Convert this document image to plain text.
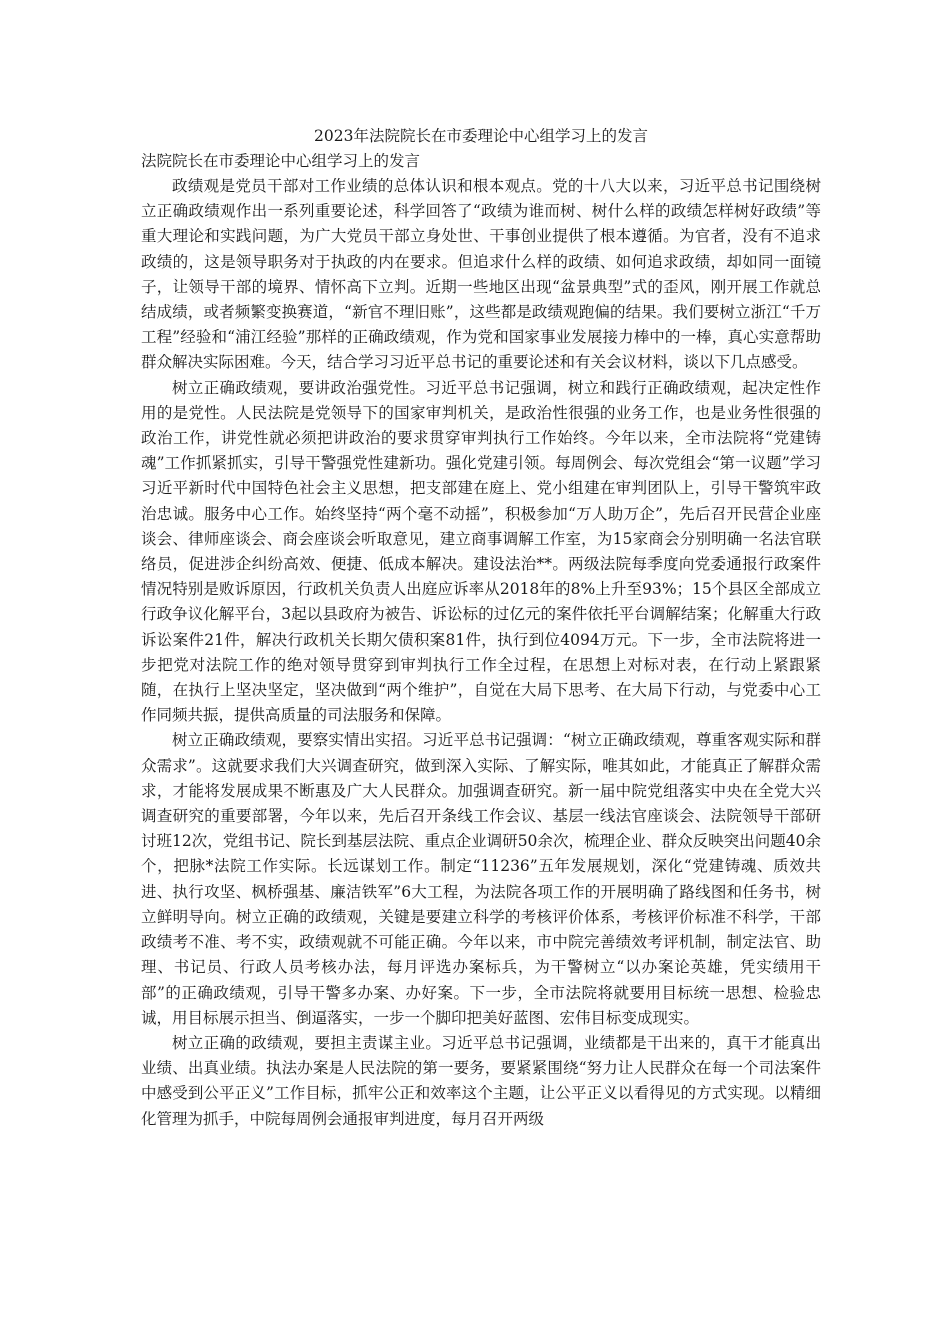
2023年法院院长在市委理论中心组学习上的发言
法院院长在市委理论中心组学习上的发言

政绩观是党员干部对工作业绩的总体认识和根本观点。党的十八大以来，习近平总书记围绕树立正确政绩观作出一系列重要论述，科学回答了“政绩为谁而树、树什么样的政绩怎样树好政绩”等重大理论和实践问题，为广大党员干部立身处世、干事创业提供了根本遵循。为官者，没有不追求政绩的，这是领导职务对于执政的内在要求。但追求什么样的政绩、如何追求政绩，却如同一面镜子，让领导干部的境界、情怀高下立判。近期一些地区出现“盆景典型”式的歪风，刚开展工作就总结成绩，或者频繁变换赛道，“新官不理旧账”，这些都是政绩观跑偏的结果。我们要树立浙江“千万工程”经验和“浦江经验”那样的正确政绩观，作为党和国家事业发展接力棒中的一棒，真心实意帮助群众解决实际困难。今天，结合学习习近平总书记的重要论述和有关会议材料，谈以下几点感受。

树立正确政绩观，要讲政治强党性。习近平总书记强调，树立和践行正确政绩观，起决定性作用的是党性。人民法院是党领导下的国家审判机关，是政治性很强的业务工作，也是业务性很强的政治工作，讲党性就必须把讲政治的要求贯穿审判执行工作始终。今年以来，全市法院将“党建铸魂”工作抓紧抓实，引导干警强党性建新功。强化党建引领。每周例会、每次党组会“第一议题”学习习近平新时代中国特色社会主义思想，把支部建在庭上、党小组建在审判团队上，引导干警筑牢政治忠诚。服务中心工作。始终坚持“两个毫不动摇”，积极参加“万人助万企”，先后召开民营企业座谈会、律师座谈会、商会座谈会听取意见，建立商事调解工作室，为15家商会分别明确一名法官联络员，促进涉企纠纷高效、便捷、低成本解决。建设法治**。两级法院每季度向党委通报行政案件情况特别是败诉原因，行政机关负责人出庭应诉率从2018年的8%上升至93%；15个县区全部成立行政争议化解平台，3起以县政府为被告、诉讼标的过亿元的案件依托平台调解结案；化解重大行政诉讼案件21件，解决行政机关长期欠债积案81件，执行到位4094万元。下一步，全市法院将进一步把党对法院工作的绝对领导贯穿到审判执行工作全过程，在思想上对标对表，在行动上紧跟紧随，在执行上坚决坚定，坚决做到“两个维护”，自觉在大局下思考、在大局下行动，与党委中心工作同频共振，提供高质量的司法服务和保障。

树立正确政绩观，要察实情出实招。习近平总书记强调：“树立正确政绩观，尊重客观实际和群众需求”。这就要求我们大兴调查研究，做到深入实际、了解实际，唯其如此，才能真正了解群众需求，才能将发展成果不断惠及广大人民群众。加强调查研究。新一届中院党组落实中央在全党大兴调查研究的重要部署，今年以来，先后召开条线工作会议、基层一线法官座谈会、法院领导干部研讨班12次，党组书记、院长到基层法院、重点企业调研50余次，梳理企业、群众反映突出问题40余个，把脉*法院工作实际。长远谋划工作。制定“11236”五年发展规划，深化“党建铸魂、质效共进、执行攻坚、枫桥强基、廉洁铁军”6大工程，为法院各项工作的开展明确了路线图和任务书，树立鲜明导向。树立正确的政绩观，关键是要建立科学的考核评价体系，考核评价标准不科学，干部政绩考不准、考不实，政绩观就不可能正确。今年以来，市中院完善绩效考评机制，制定法官、助理、书记员、行政人员考核办法，每月评选办案标兵，为干警树立“以办案论英雄，凭实绩用干部”的正确政绩观，引导干警多办案、办好案。下一步，全市法院将就要用目标统一思想、检验忠诚，用目标展示担当、倒逼落实，一步一个脚印把美好蓝图、宏伟目标变成现实。

树立正确的政绩观，要担主责谋主业。习近平总书记强调，业绩都是干出来的，真干才能真出业绩、出真业绩。执法办案是人民法院的第一要务，要紧紧围绕“努力让人民群众在每一个司法案件中感受到公平正义”工作目标，抓牢公正和效率这个主题，让公平正义以看得见的方式实现。以精细化管理为抓手，中院每周例会通报审判进度，每月召开两级
